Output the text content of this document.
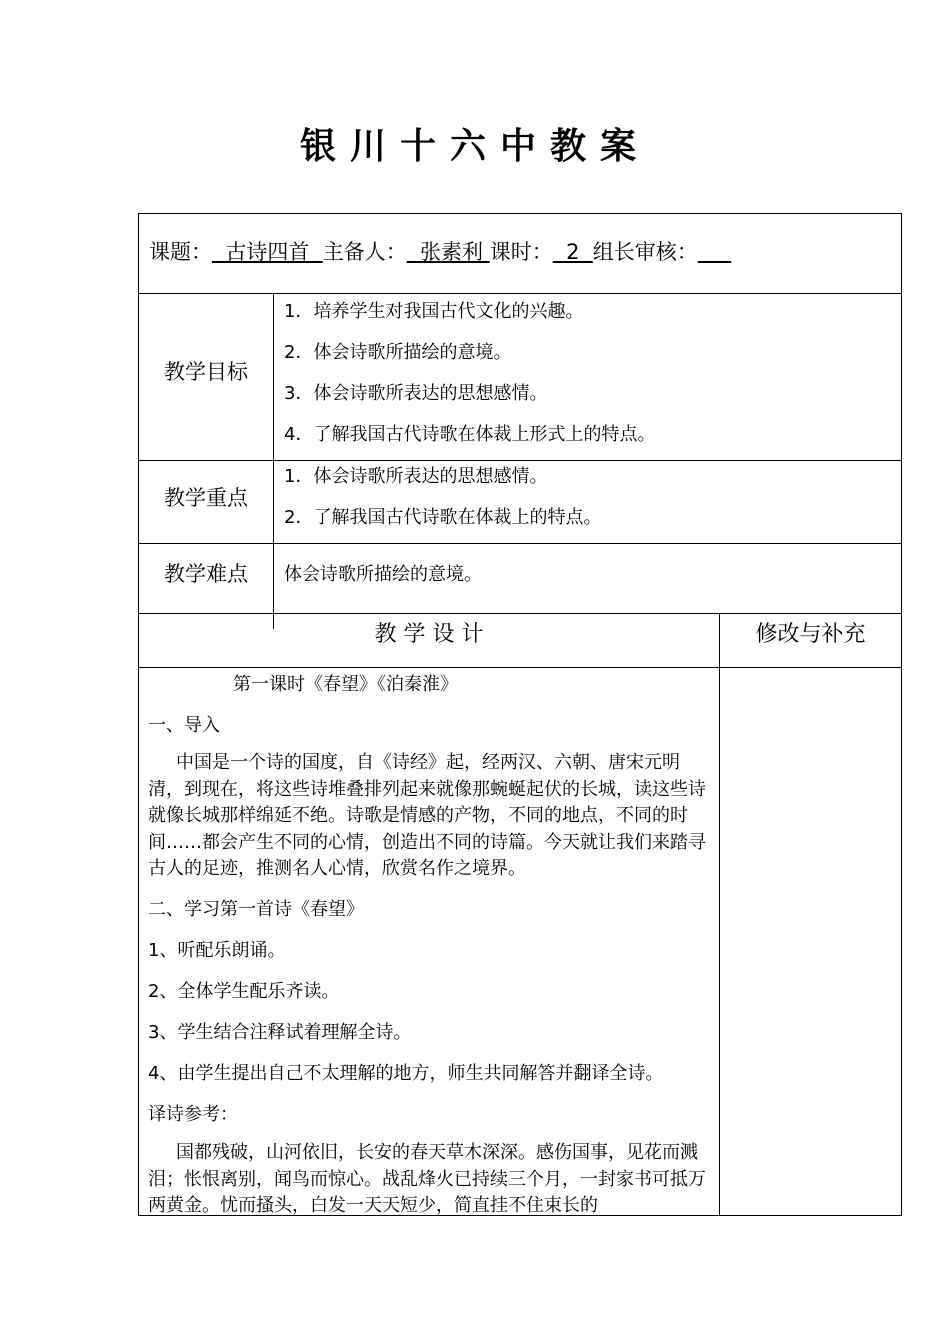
银川十六中教案
课题：  古诗四首  主备人：  张素利 课时：  2  组长审核：
教学目标
1．培养学生对我国古代文化的兴趣。
2．体会诗歌所描绘的意境。
3．体会诗歌所表达的思想感情。
4．了解我国古代诗歌在体裁上形式上的特点。
教学重点
1．体会诗歌所表达的思想感情。
2．了解我国古代诗歌在体裁上的特点。
教学难点	体会诗歌所描绘的意境。
教 学 设 计	修改与补充
第一课时《春望》《泊秦淮》
一、导入
中国是一个诗的国度，自《诗经》起，经两汉、六朝、唐宋元明清，到现在，将这些诗堆叠排列起来就像那蜿蜒起伏的长城，读这些诗就像长城那样绵延不绝。诗歌是情感的产物，不同的地点，不同的时间……都会产生不同的心情，创造出不同的诗篇。今天就让我们来踏寻古人的足迹，推测名人心情，欣赏名作之境界。
二、学习第一首诗《春望》
1、听配乐朗诵。
2、全体学生配乐齐读。
3、学生结合注释试着理解全诗。
4、由学生提出自己不太理解的地方，师生共同解答并翻译全诗。
译诗参考：
国都残破，山河依旧，长安的春天草木深深。感伤国事，见花而溅泪；怅恨离别，闻鸟而惊心。战乱烽火已持续三个月，一封家书可抵万两黄金。忧而搔头，白发一天天短少，简直挂不住束长的
